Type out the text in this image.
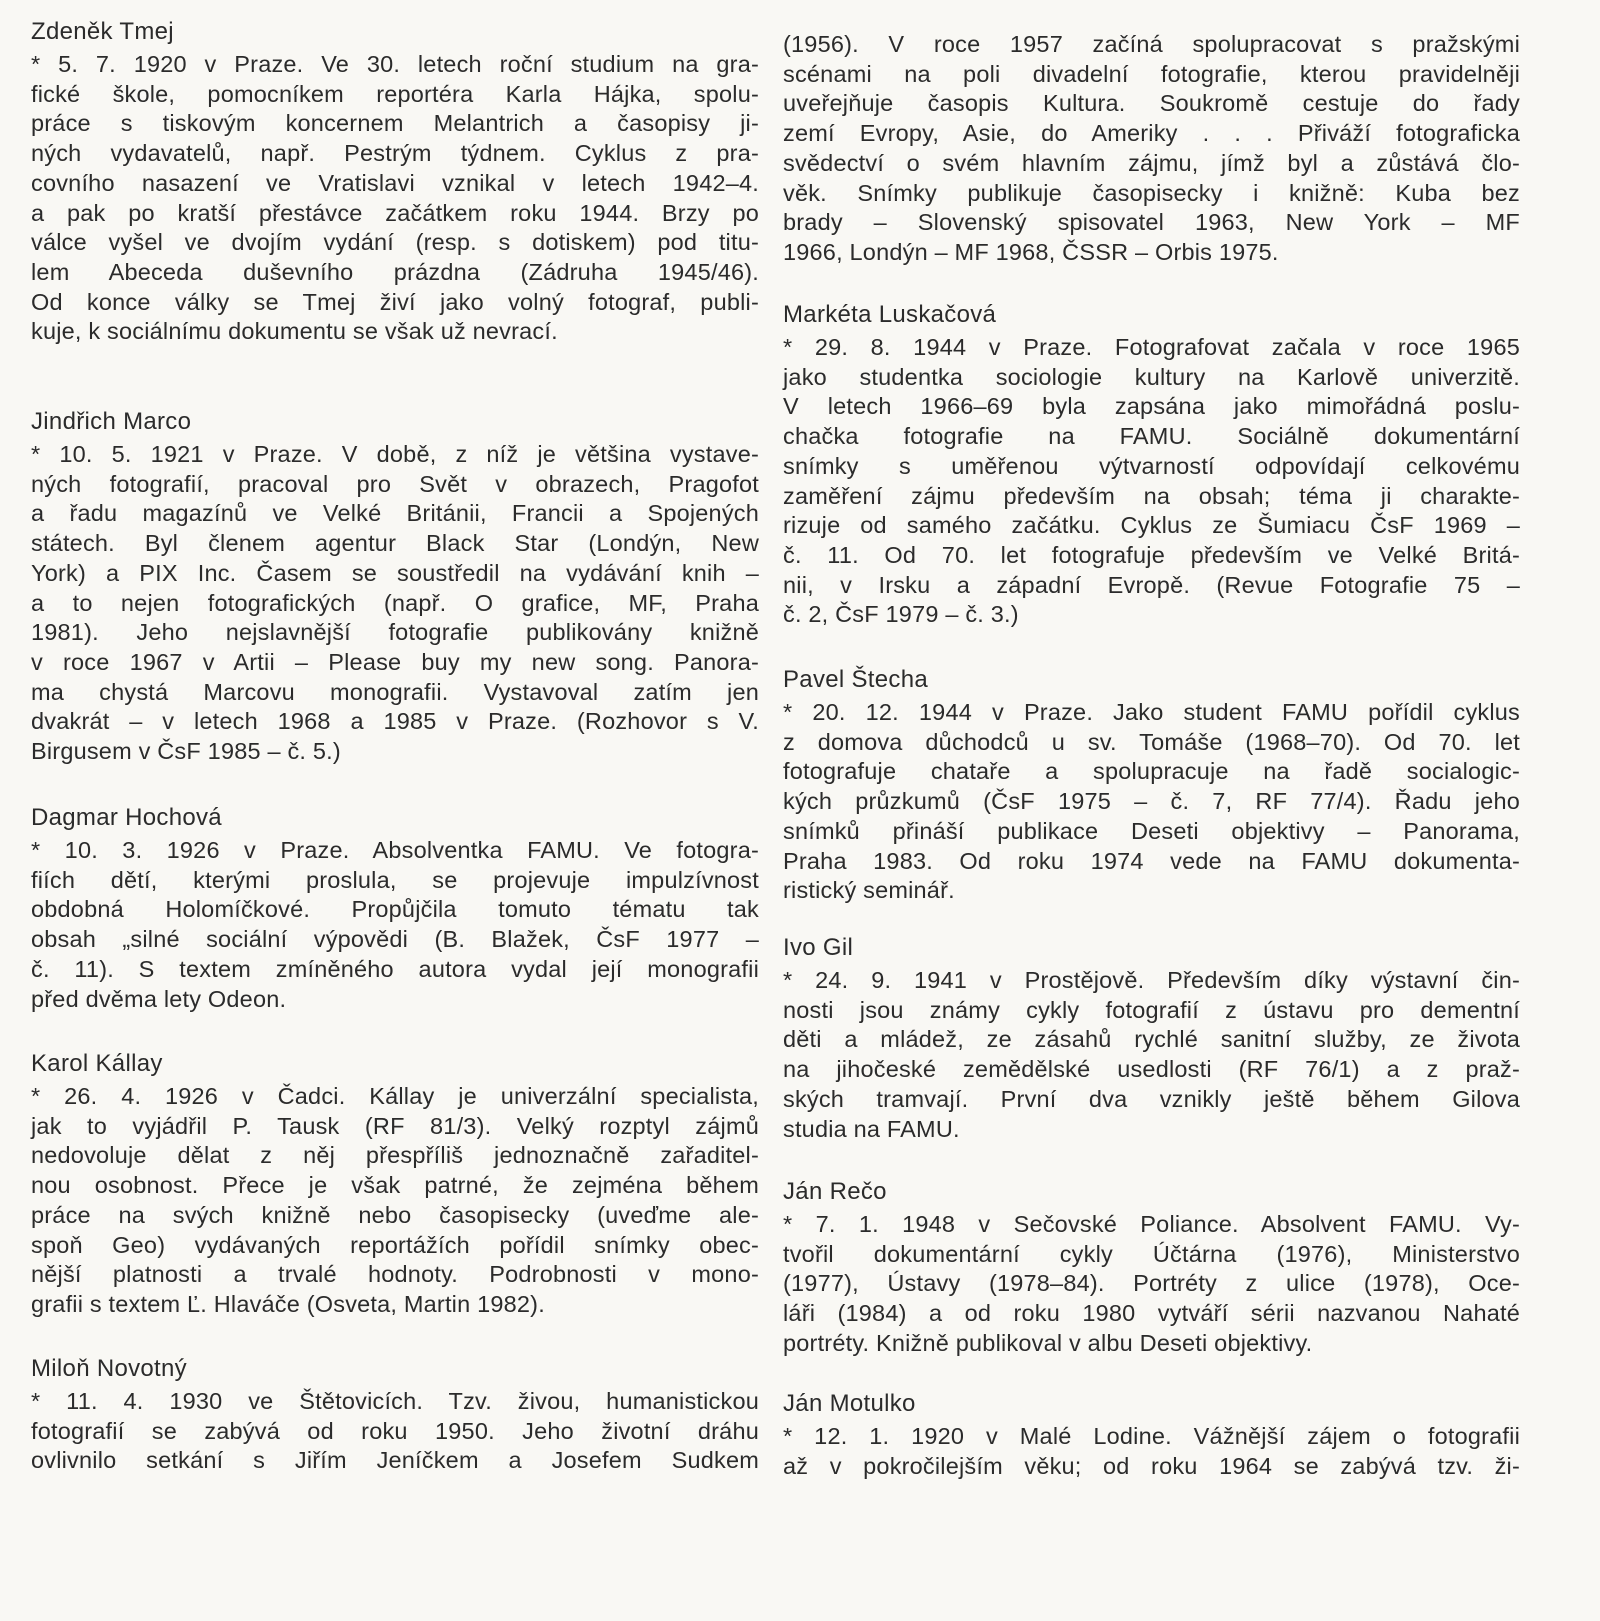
Zdeněk Tmej
* 5. 7. 1920 v Praze. Ve 30. letech roční studium na gra-
fické škole, pomocníkem reportéra Karla Hájka, spolu-
práce s tiskovým koncernem Melantrich a časopisy ji-
ných vydavatelů, např. Pestrým týdnem. Cyklus z pra-
covního nasazení ve Vratislavi vznikal v letech 1942–4.
a pak po kratší přestávce začátkem roku 1944. Brzy po
válce vyšel ve dvojím vydání (resp. s dotiskem) pod titu-
lem Abeceda duševního prázdna (Zádruha 1945/46).
Od konce války se Tmej živí jako volný fotograf, publi-
kuje, k sociálnímu dokumentu se však už nevrací.
Jindřich Marco
* 10. 5. 1921 v Praze. V době, z níž je většina vystave-
ných fotografií, pracoval pro Svět v obrazech, Pragofot
a řadu magazínů ve Velké Británii, Francii a Spojených
státech. Byl členem agentur Black Star (Londýn, New
York) a PIX Inc. Časem se soustředil na vydávání knih –
a to nejen fotografických (např. O grafice, MF, Praha
1981). Jeho nejslavnější fotografie publikovány knižně
v roce 1967 v Artii – Please buy my new song. Panora-
ma chystá Marcovu monografii. Vystavoval zatím jen
dvakrát – v letech 1968 a 1985 v Praze. (Rozhovor s V.
Birgusem v ČsF 1985 – č. 5.)
Dagmar Hochová
* 10. 3. 1926 v Praze. Absolventka FAMU. Ve fotogra-
fiích dětí, kterými proslula, se projevuje impulzívnost
obdobná Holomíčkové. Propůjčila tomuto tématu tak
obsah „silné sociální výpovědi (B. Blažek, ČsF 1977 –
č. 11). S textem zmíněného autora vydal její monografii
před dvěma lety Odeon.
Karol Kállay
* 26. 4. 1926 v Čadci. Kállay je univerzální specialista,
jak to vyjádřil P. Tausk (RF 81/3). Velký rozptyl zájmů
nedovoluje dělat z něj přespříliš jednoznačně zařaditel-
nou osobnost. Přece je však patrné, že zejména během
práce na svých knižně nebo časopisecky (uveďme ale-
spoň Geo) vydávaných reportážích pořídil snímky obec-
nější platnosti a trvalé hodnoty. Podrobnosti v mono-
grafii s textem Ľ. Hlaváče (Osveta, Martin 1982).
Miloň Novotný
* 11. 4. 1930 ve Štětovicích. Tzv. živou, humanistickou
fotografií se zabývá od roku 1950. Jeho životní dráhu
ovlivnilo setkání s Jiřím Jeníčkem a Josefem Sudkem
(1956). V roce 1957 začíná spolupracovat s pražskými
scénami na poli divadelní fotografie, kterou pravidelněji
uveřejňuje časopis Kultura. Soukromě cestuje do řady
zemí Evropy, Asie, do Ameriky . . . Přiváží fotograficka
svědectví o svém hlavním zájmu, jímž byl a zůstává člo-
věk. Snímky publikuje časopisecky i knižně: Kuba bez
brady – Slovenský spisovatel 1963, New York – MF
1966, Londýn – MF 1968, ČSSR – Orbis 1975.
Markéta Luskačová
* 29. 8. 1944 v Praze. Fotografovat začala v roce 1965
jako studentka sociologie kultury na Karlově univerzitě.
V letech 1966–69 byla zapsána jako mimořádná poslu-
chačka fotografie na FAMU. Sociálně dokumentární
snímky s uměřenou výtvarností odpovídají celkovému
zaměření zájmu především na obsah; téma ji charakte-
rizuje od samého začátku. Cyklus ze Šumiacu ČsF 1969 –
č. 11. Od 70. let fotografuje především ve Velké Britá-
nii, v Irsku a západní Evropě. (Revue Fotografie 75 –
č. 2, ČsF 1979 – č. 3.)
Pavel Štecha
* 20. 12. 1944 v Praze. Jako student FAMU pořídil cyklus
z domova důchodců u sv. Tomáše (1968–70). Od 70. let
fotografuje chataře a spolupracuje na řadě socialogic-
kých průzkumů (ČsF 1975 – č. 7, RF 77/4). Řadu jeho
snímků přináší publikace Deseti objektivy – Panorama,
Praha 1983. Od roku 1974 vede na FAMU dokumenta-
ristický seminář.
Ivo Gil
* 24. 9. 1941 v Prostějově. Především díky výstavní čin-
nosti jsou známy cykly fotografií z ústavu pro dementní
děti a mládež, ze zásahů rychlé sanitní služby, ze života
na jihočeské zemědělské usedlosti (RF 76/1) a z praž-
ských tramvají. První dva vznikly ještě během Gilova
studia na FAMU.
Ján Rečo
* 7. 1. 1948 v Sečovské Poliance. Absolvent FAMU. Vy-
tvořil dokumentární cykly Účtárna (1976), Ministerstvo
(1977), Ústavy (1978–84). Portréty z ulice (1978), Oce-
láři (1984) a od roku 1980 vytváří sérii nazvanou Nahaté
portréty. Knižně publikoval v albu Deseti objektivy.
Ján Motulko
* 12. 1. 1920 v Malé Lodine. Vážnější zájem o fotografii
až v pokročilejším věku; od roku 1964 se zabývá tzv. ži-
